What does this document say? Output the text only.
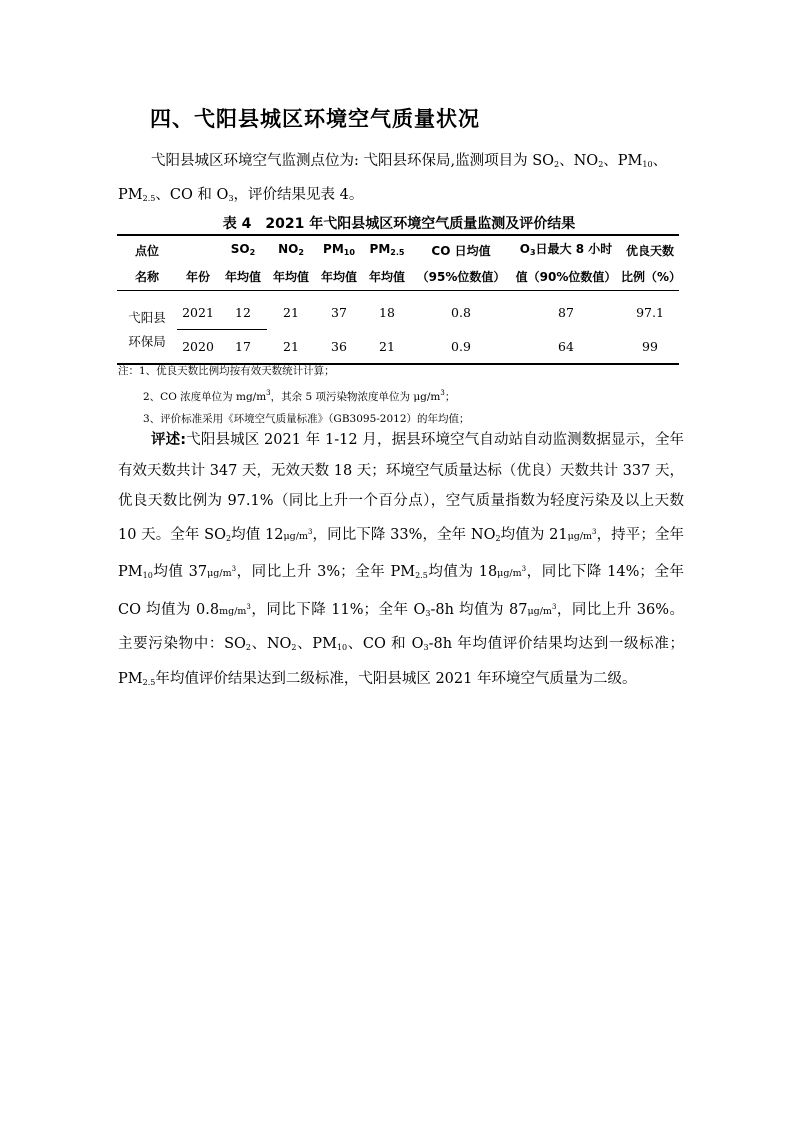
四、弋阳县城区环境空气质量状况

弋阳县城区环境空气监测点位为: 弋阳县环保局,监测项目为 $SO_2$、$NO_2$、$PM_{10}$、$PM_{2.5}$、CO 和 $O_3$，评价结果见表 4。

表 4　2021 年弋阳县城区环境空气质量监测及评价结果
点位		$SO_2$	$NO_2$	$PM_{10}$	$PM_{2.5}$	CO 日均值	$O_3$日最大 8 小时	优良天数
名称	年份	年均值	年均值	年均值	年均值	（95%位数值）	值（90%位数值）	比例（%）
弋阳县
环保局	2021	12	21	37	18	0.8	87	97.1
	2020	17	21	36	21	0.9	64	99
注：1、优良天数比例均按有效天数统计计算；
2、CO 浓度单位为 $mg/m^3$，其余 5 项污染物浓度单位为 $\mu g/m^3$；
3、评价标准采用《环境空气质量标准》（GB3095-2012）的年均值；

评述:弋阳县城区 2021 年 1-12 月，据县环境空气自动站自动监测数据显示，全年有效天数共计 347 天，无效天数 18 天；环境空气质量达标（优良）天数共计 337 天，优良天数比例为 97.1%（同比上升一个百分点），空气质量指数为轻度污染及以上天数 10 天。全年 $SO_2$均值 $12\mu g/m^3$，同比下降 33%，全年 $NO_2$均值为 $21\mu g/m^3$，持平；全年 $PM_{10}$均值 $37\mu g/m^3$，同比上升 3%；全年 $PM_{2.5}$均值为 $18\mu g/m^3$，同比下降 14%；全年 CO 均值为 $0.8mg/m^3$，同比下降 11%；全年 $O_3-8h$ 均值为 $87\mu g/m^3$，同比上升 36%。主要污染物中：$SO_2$、$NO_2$、$PM_{10}$、CO 和 $O_3-8h$ 年均值评价结果均达到一级标准；$PM_{2.5}$年均值评价结果达到二级标准，弋阳县城区 2021 年环境空气质量为二级。
